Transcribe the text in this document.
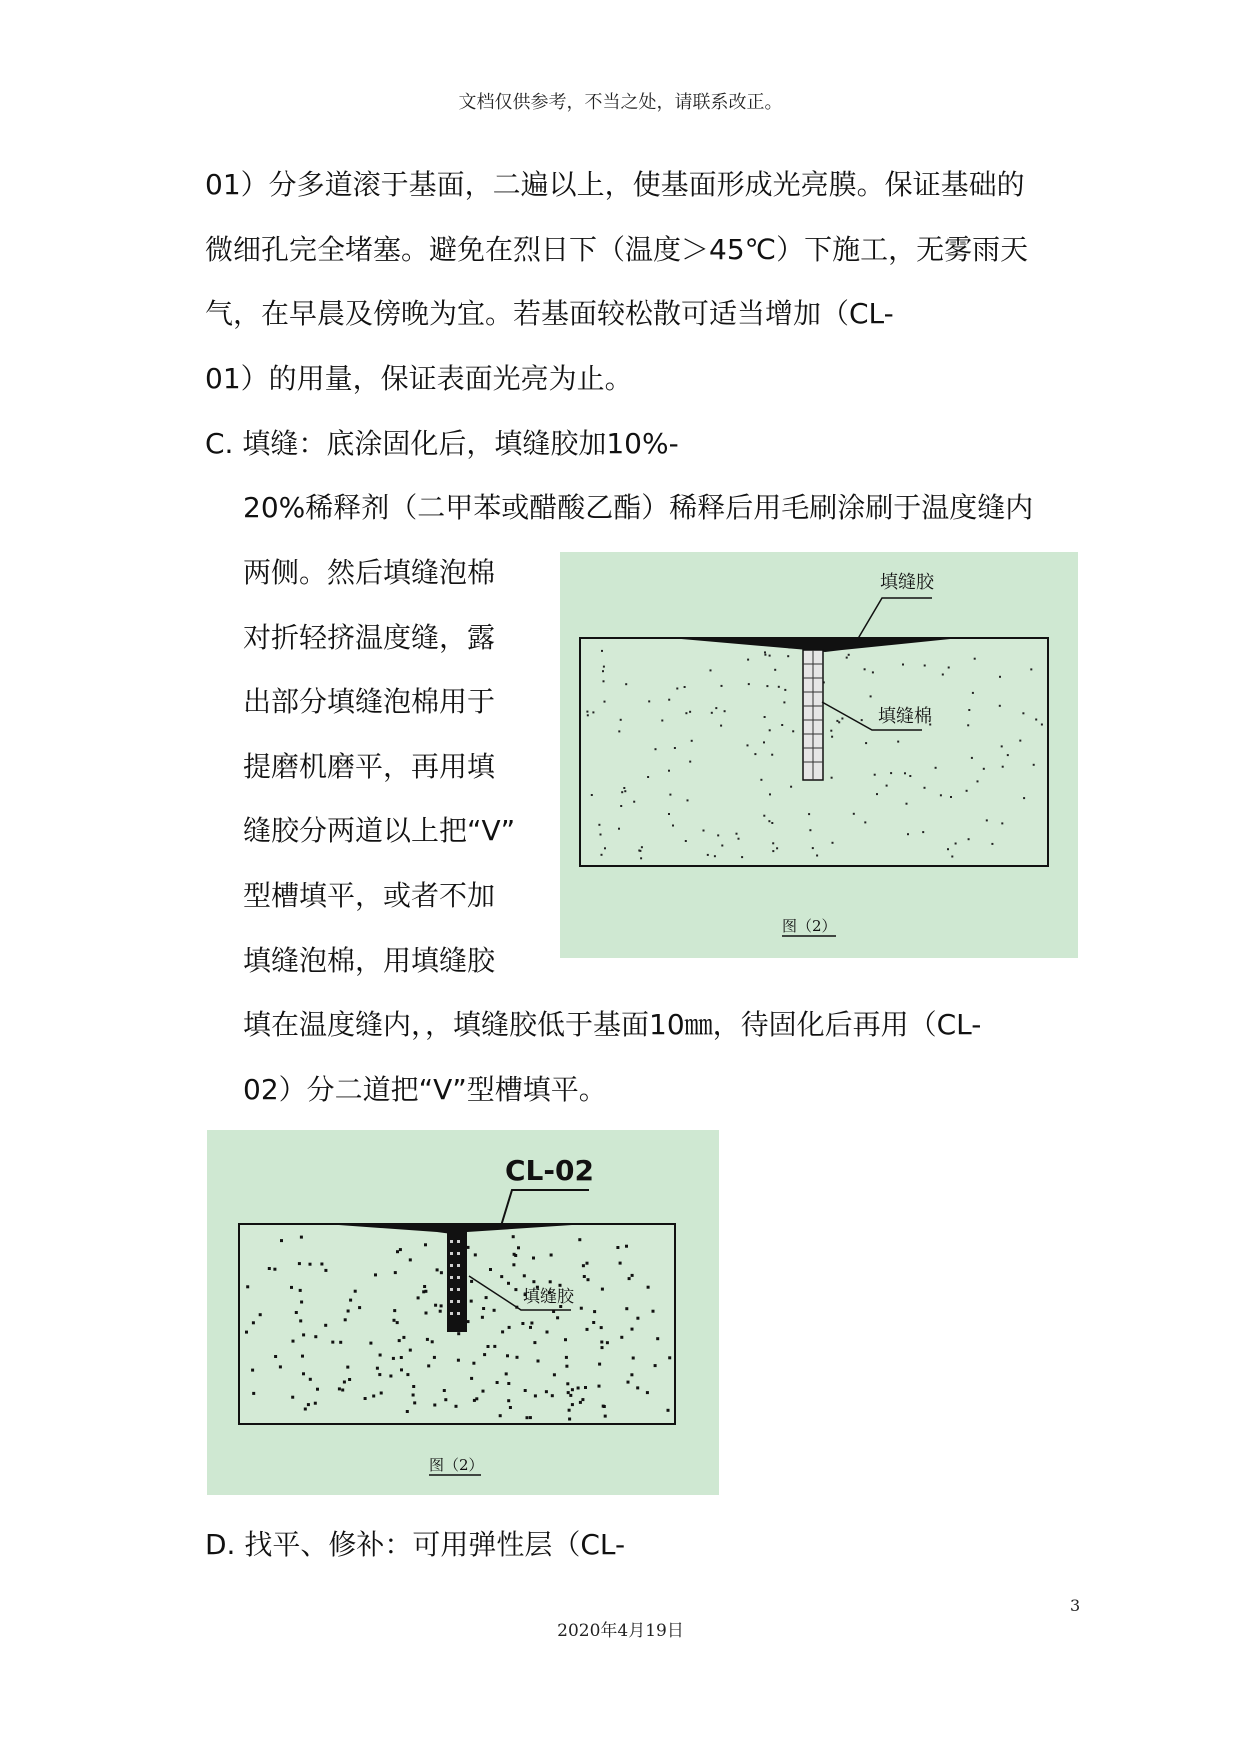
文档仅供参考，不当之处，请联系改正。
01）分多道滚于基面，二遍以上，使基面形成光亮膜。保证基础的
微细孔完全堵塞。避免在烈日下（温度＞45℃）下施工，无雾雨天
气，在早晨及傍晚为宜。若基面较松散可适当增加（CL-
01）的用量，保证表面光亮为止。
C. 填缝：底涂固化后，填缝胶加10%-
20%稀释剂（二甲苯或醋酸乙酯）稀释后用毛刷涂刷于温度缝内
两侧。然后填缝泡棉
对折轻挤温度缝，露
出部分填缝泡棉用于
提磨机磨平，再用填
缝胶分两道以上把“V”
型槽填平，或者不加
填缝泡棉，用填缝胶
填在温度缝内，，填缝胶低于基面10㎜，待固化后再用（CL-
02）分二道把“V”型槽填平。
D. 找平、修补：可用弹性层（CL-
填缝胶
填缝棉
图（2）
CL-02
填缝胶
图（2）
3
2020年4月19日
